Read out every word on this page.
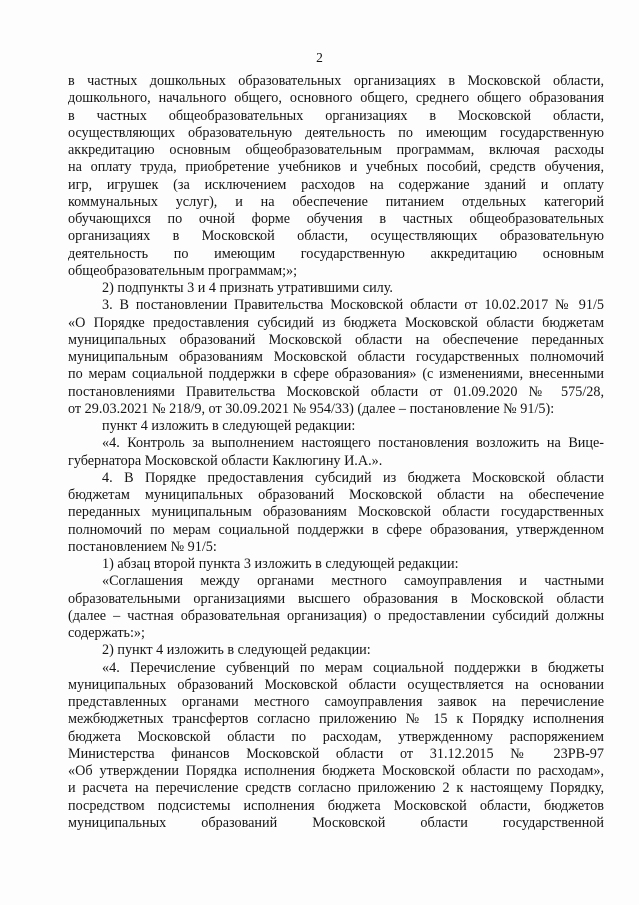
2
в частных дошкольных образовательных организациях в Московской области,
дошкольного, начального общего, основного общего, среднего общего образования
в частных общеобразовательных организациях в Московской области,
осуществляющих образовательную деятельность по имеющим государственную
аккредитацию основным общеобразовательным программам, включая расходы
на оплату труда, приобретение учебников и учебных пособий, средств обучения,
игр, игрушек (за исключением расходов на содержание зданий и оплату
коммунальных услуг), и на обеспечение питанием отдельных категорий
обучающихся по очной форме обучения в частных общеобразовательных
организациях в Московской области, осуществляющих образовательную
деятельность по имеющим государственную аккредитацию основным
общеобразовательным программам;»;
2) подпункты 3 и 4 признать утратившими силу.
3. В постановлении Правительства Московской области от 10.02.2017 № 91/5
«О Порядке предоставления субсидий из бюджета Московской области бюджетам
муниципальных образований Московской области на обеспечение переданных
муниципальным образованиям Московской области государственных полномочий
по мерам социальной поддержки в сфере образования» (с изменениями, внесенными
постановлениями Правительства Московской области от 01.09.2020 № 575/28,
от 29.03.2021 № 218/9, от 30.09.2021 № 954/33) (далее – постановление № 91/5):
пункт 4 изложить в следующей редакции:
«4. Контроль за выполнением настоящего постановления возложить на Вице-
губернатора Московской области Каклюгину И.А.».
4. В Порядке предоставления субсидий из бюджета Московской области
бюджетам муниципальных образований Московской области на обеспечение
переданных муниципальным образованиям Московской области государственных
полномочий по мерам социальной поддержки в сфере образования, утвержденном
постановлением № 91/5:
1) абзац второй пункта 3 изложить в следующей редакции:
«Соглашения между органами местного самоуправления и частными
образовательными организациями высшего образования в Московской области
(далее – частная образовательная организация) о предоставлении субсидий должны
содержать:»;
2) пункт 4 изложить в следующей редакции:
«4. Перечисление субвенций по мерам социальной поддержки в бюджеты
муниципальных образований Московской области осуществляется на основании
представленных органами местного самоуправления заявок на перечисление
межбюджетных трансфертов согласно приложению № 15 к Порядку исполнения
бюджета Московской области по расходам, утвержденному распоряжением
Министерства финансов Московской области от 31.12.2015 № 23РВ-97
«Об утверждении Порядка исполнения бюджета Московской области по расходам»,
и расчета на перечисление средств согласно приложению 2 к настоящему Порядку,
посредством подсистемы исполнения бюджета Московской области, бюджетов
муниципальных образований Московской области государственной
